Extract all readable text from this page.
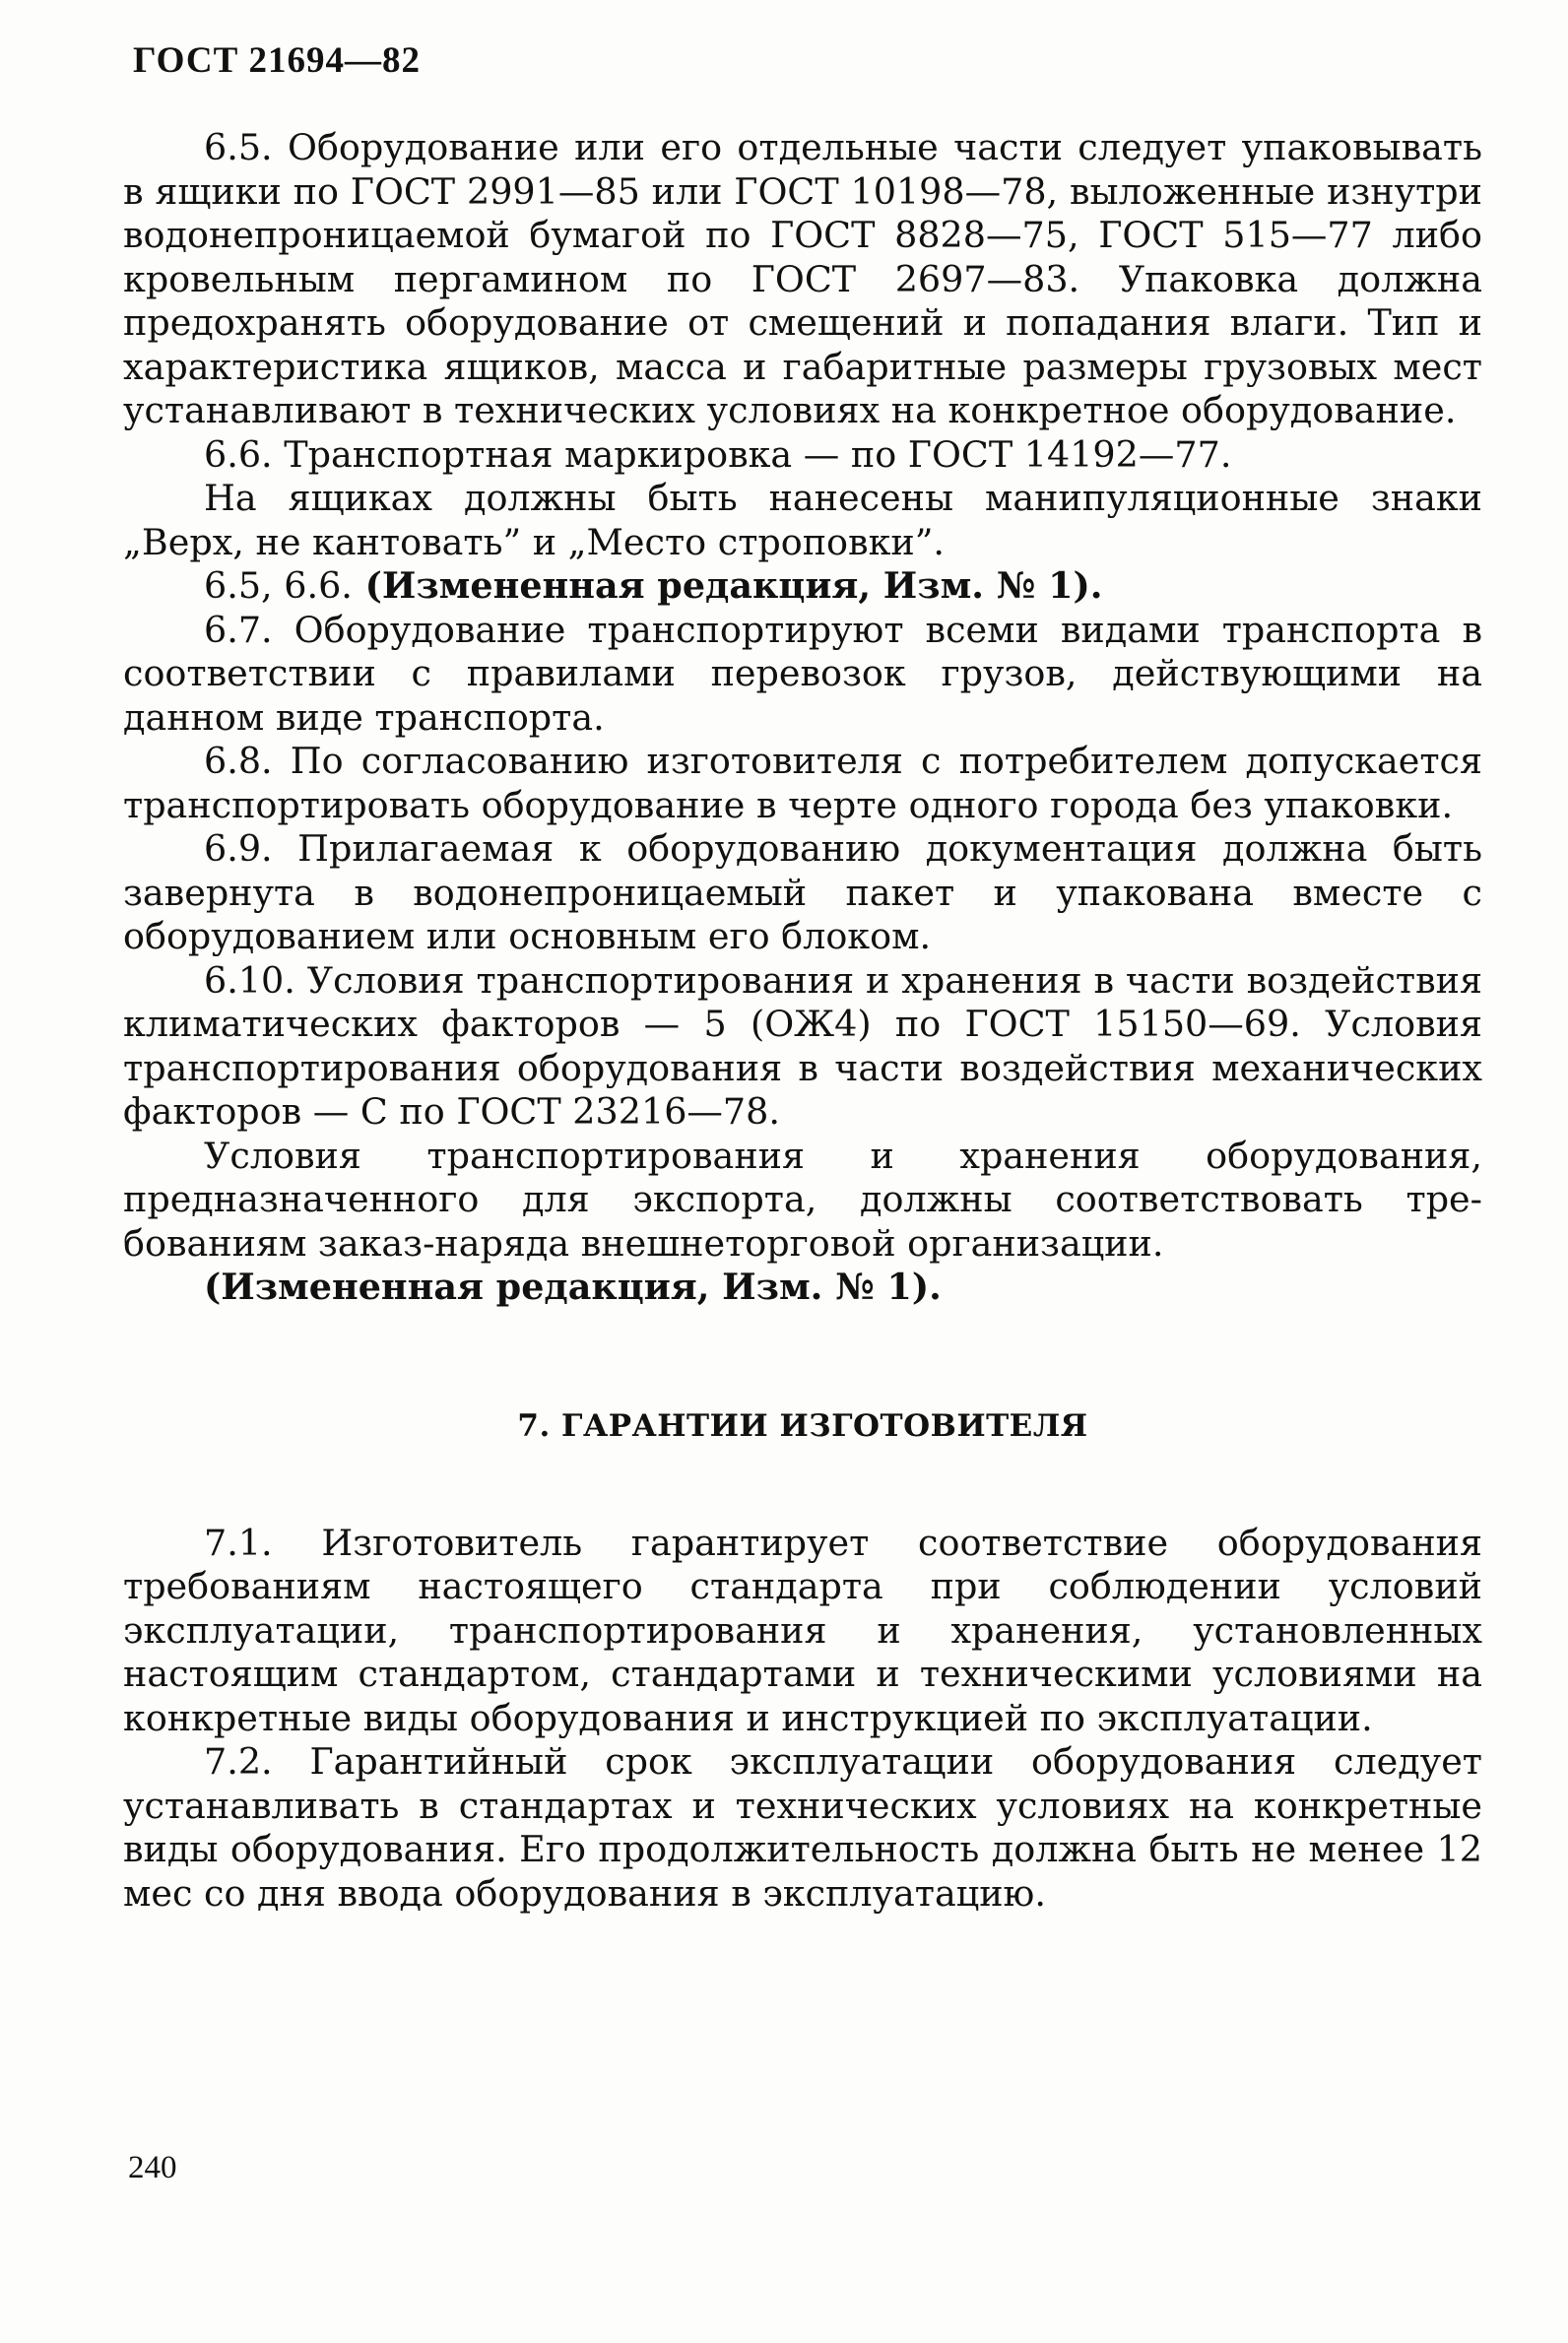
ГОСТ 21694—82

6.5. Оборудование или его отдельные части следует упаковывать в ящики по ГОСТ 2991—85 или ГОСТ 10198—78, выложенные изнутри водонепроницаемой бумагой по ГОСТ 8828—75, ГОСТ 515—77 либо кровельным пергамином по ГОСТ 2697—83. Упаковка должна предохранять оборудование от смещений и попадания влаги. Тип и характеристика ящиков, масса и габаритные размеры грузовых мест устанавливают в технических условиях на конкретное оборудование.

6.6. Транспортная маркировка — по ГОСТ 14192—77.

На ящиках должны быть нанесены манипуляционные знаки „Верх, не кантовать” и „Место строповки”.

6.5, 6.6. (Измененная редакция, Изм. № 1).

6.7. Оборудование транспортируют всеми видами транспорта в соответствии с правилами перевозок грузов, действующими на данном виде транспорта.

6.8. По согласованию изготовителя с потребителем допускается транспортировать оборудование в черте одного города без упаковки.

6.9. Прилагаемая к оборудованию документация должна быть завернута в водонепроницаемый пакет и упакована вместе с оборудованием или основным его блоком.

6.10. Условия транспортирования и хранения в части воздействия климатических факторов — 5 (ОЖ4) по ГОСТ 15150—69. Условия транспортирования оборудования в части воздействия механических факторов — С по ГОСТ 23216—78.

Условия транспортирования и хранения оборудования, предназначенного для экспорта, должны соответствовать требованиям заказ-наряда внешнеторговой организации.

(Измененная редакция, Изм. № 1).

7. ГАРАНТИИ ИЗГОТОВИТЕЛЯ

7.1. Изготовитель гарантирует соответствие оборудования требованиям настоящего стандарта при соблюдении условий эксплуатации, транспортирования и хранения, установленных настоящим стандартом, стандартами и техническими условиями на конкретные виды оборудования и инструкцией по эксплуатации.

7.2. Гарантийный срок эксплуатации оборудования следует устанавливать в стандартах и технических условиях на конкретные виды оборудования. Его продолжительность должна быть не менее 12 мес со дня ввода оборудования в эксплуатацию.

240
